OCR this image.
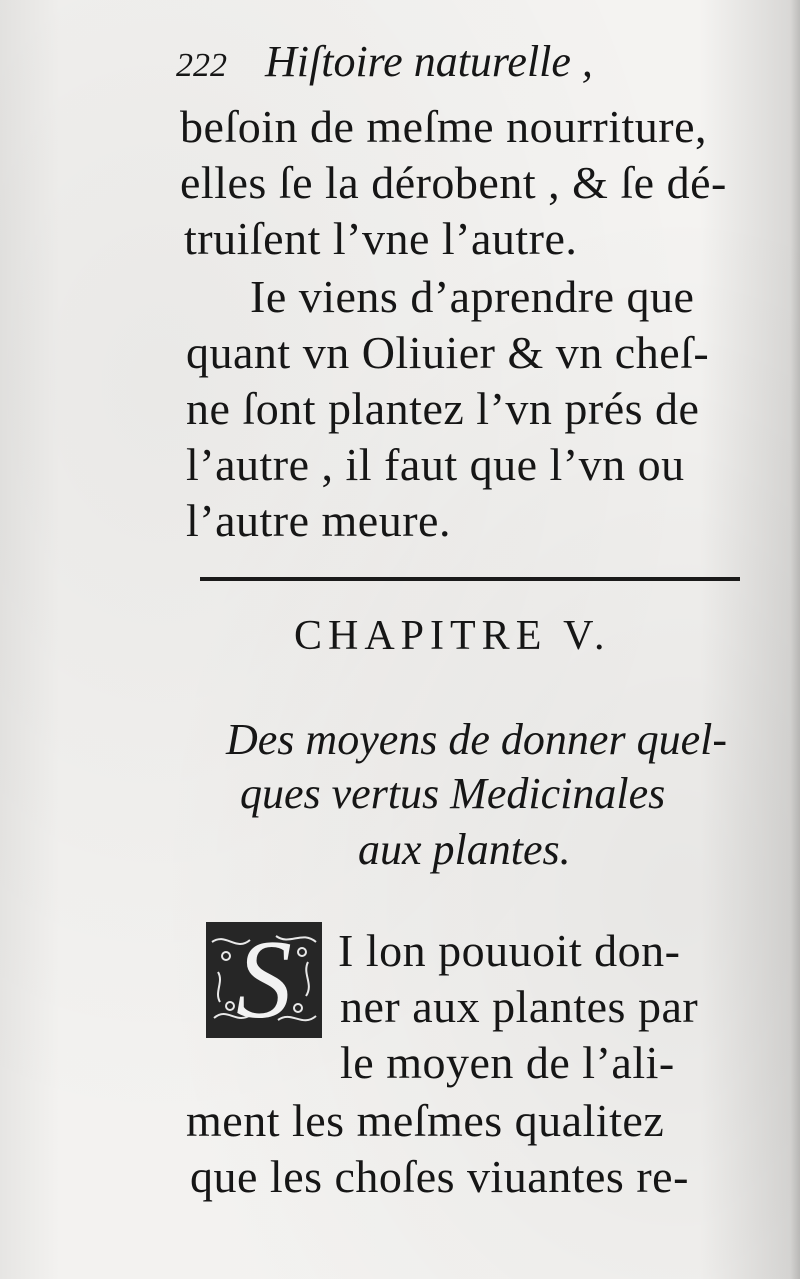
222 Hiſtoire naturelle ,
beſoin de meſme nourriture,
elles ſe la dérobent , & ſe dé-
truiſent l’vne l’autre.
Ie viens d’aprendre que
quant vn Oliuier & vn cheſ-
ne ſont plantez l’vn prés de
l’autre , il faut que l’vn ou
l’autre meure.
CHAPITRE V.
Des moyens de donner quel-
ques vertus Medicinales
aux plantes.
S	I lon pouuoit don-
ner aux plantes par
le moyen de l’ali-
ment les meſmes qualitez
que les choſes viuantes re-
